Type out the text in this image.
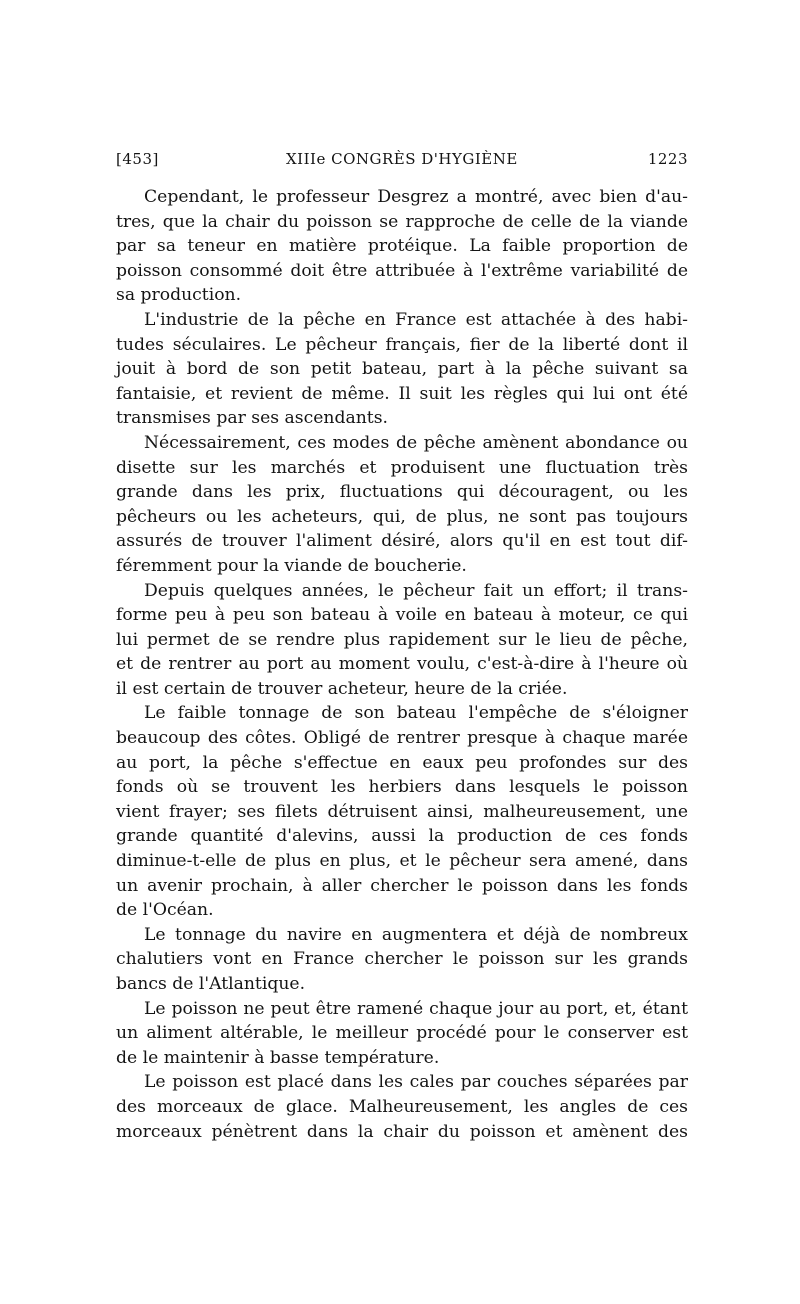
[453]	XIIIe CONGRÈS D'HYGIÈNE	1223
Cependant, le professeur Desgrez a montré, avec bien d'au-
tres, que la chair du poisson se rapproche de celle de la viande
par sa teneur en matière protéique. La faible proportion de
poisson consommé doit être attribuée à l'extrême variabilité de
sa production.
L'industrie de la pêche en France est attachée à des habi-
tudes séculaires. Le pêcheur français, fier de la liberté dont il
jouit à bord de son petit bateau, part à la pêche suivant sa
fantaisie, et revient de même. Il suit les règles qui lui ont été
transmises par ses ascendants.
Nécessairement, ces modes de pêche amènent abondance ou
disette sur les marchés et produisent une fluctuation très
grande dans les prix, fluctuations qui découragent, ou les
pêcheurs ou les acheteurs, qui, de plus, ne sont pas toujours
assurés de trouver l'aliment désiré, alors qu'il en est tout dif-
féremment pour la viande de boucherie.
Depuis quelques années, le pêcheur fait un effort; il trans-
forme peu à peu son bateau à voile en bateau à moteur, ce qui
lui permet de se rendre plus rapidement sur le lieu de pêche,
et de rentrer au port au moment voulu, c'est-à-dire à l'heure où
il est certain de trouver acheteur, heure de la criée.
Le faible tonnage de son bateau l'empêche de s'éloigner
beaucoup des côtes. Obligé de rentrer presque à chaque marée
au port, la pêche s'effectue en eaux peu profondes sur des
fonds où se trouvent les herbiers dans lesquels le poisson
vient frayer; ses filets détruisent ainsi, malheureusement, une
grande quantité d'alevins, aussi la production de ces fonds
diminue-t-elle de plus en plus, et le pêcheur sera amené, dans
un avenir prochain, à aller chercher le poisson dans les fonds
de l'Océan.
Le tonnage du navire en augmentera et déjà de nombreux
chalutiers vont en France chercher le poisson sur les grands
bancs de l'Atlantique.
Le poisson ne peut être ramené chaque jour au port, et, étant
un aliment altérable, le meilleur procédé pour le conserver est
de le maintenir à basse température.
Le poisson est placé dans les cales par couches séparées par
des morceaux de glace. Malheureusement, les angles de ces
morceaux pénètrent dans la chair du poisson et amènent des
